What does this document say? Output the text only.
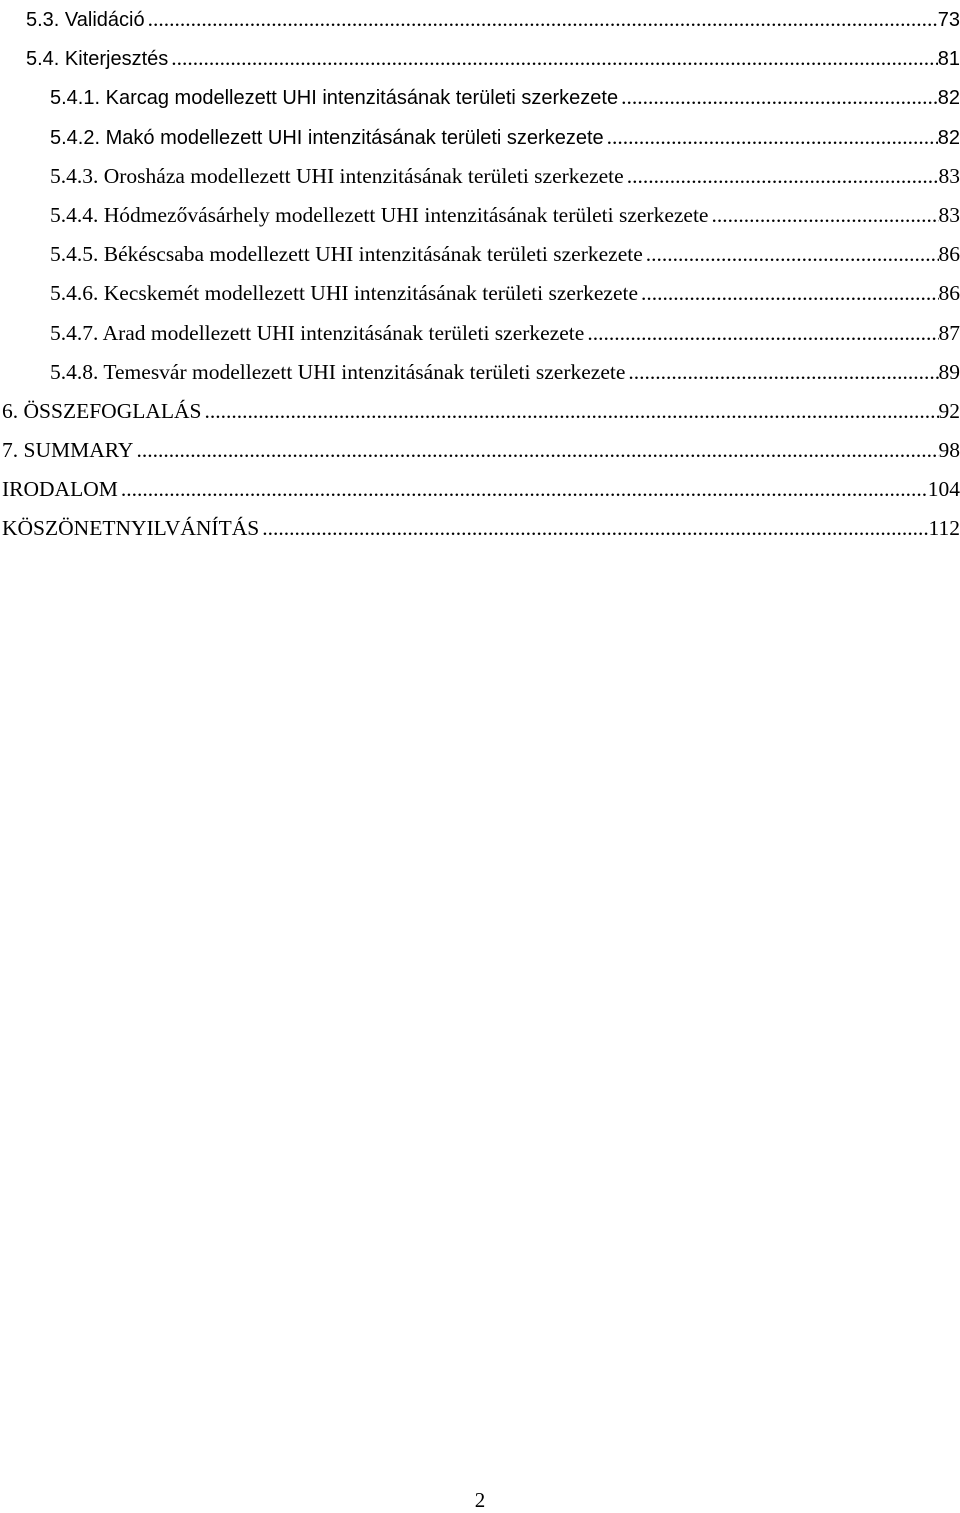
5.3. Validáció .....	73
5.4. Kiterjesztés .....	81
5.4.1. Karcag modellezett UHI intenzitásának területi szerkezete .....	82
5.4.2. Makó modellezett UHI intenzitásának területi szerkezete .....	82
5.4.3. Orosháza modellezett UHI intenzitásának területi szerkezete .....	83
5.4.4. Hódmezővásárhely modellezett UHI intenzitásának területi szerkezete .....	83
5.4.5. Békéscsaba modellezett UHI intenzitásának területi szerkezete .....	86
5.4.6. Kecskemét modellezett UHI intenzitásának területi szerkezete .....	86
5.4.7. Arad modellezett UHI intenzitásának területi szerkezete .....	87
5.4.8. Temesvár modellezett UHI intenzitásának területi szerkezete .....	89
6. ÖSSZEFOGLALÁS .....	92
7. SUMMARY .....	98
IRODALOM .....	104
KÖSZÖNETNYILVÁNÍTÁS .....	112
2
